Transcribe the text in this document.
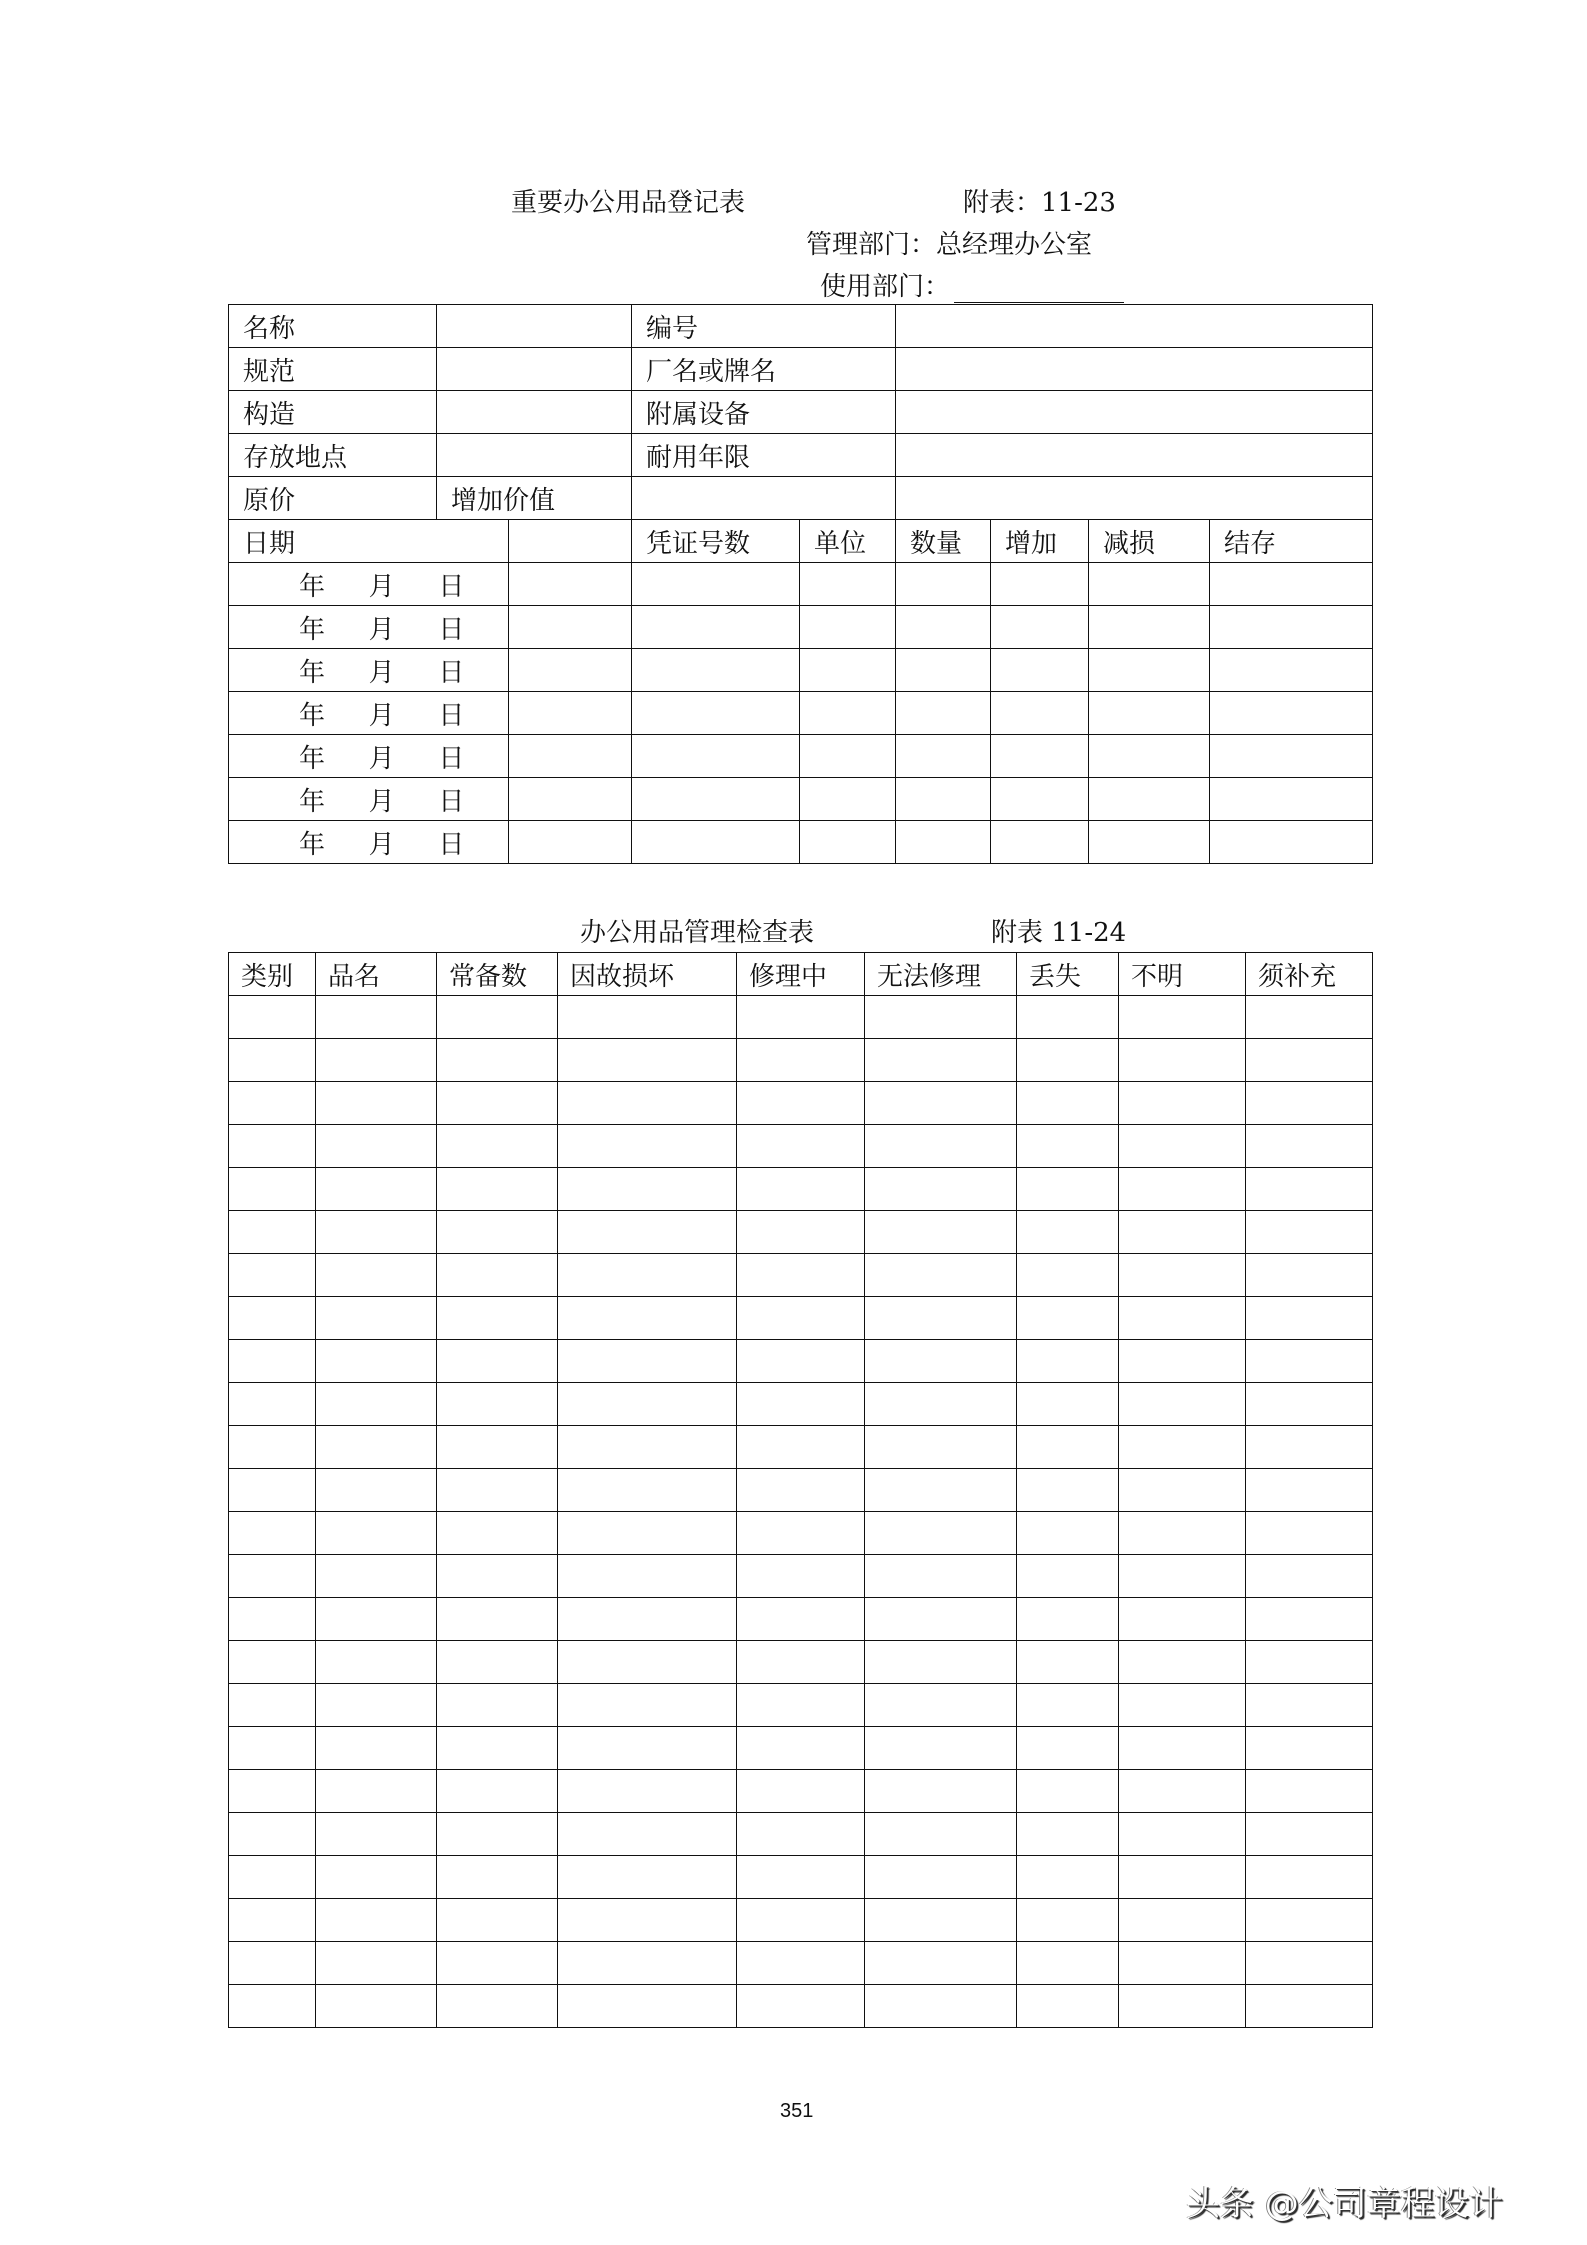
重要办公用品登记表	附表：11-23
管理部门：总经理办公室
使用部门：
名称			编号					
规范			厂名或牌名					
构造			附属设备					
存放地点			耐用年限					
原价	增加价值							
日期			凭证号数	单位	数量	增加	减损	结存

年 月 日								

年 月 日								

年 月 日								

年 月 日								

年 月 日								

年 月 日								

年 月 日								

办公用品管理检查表	附表 11-24
类别	品名	常备数	因故损坏	修理中	无法修理	丢失	不明	须补充

351
头条 @公司章程设计
